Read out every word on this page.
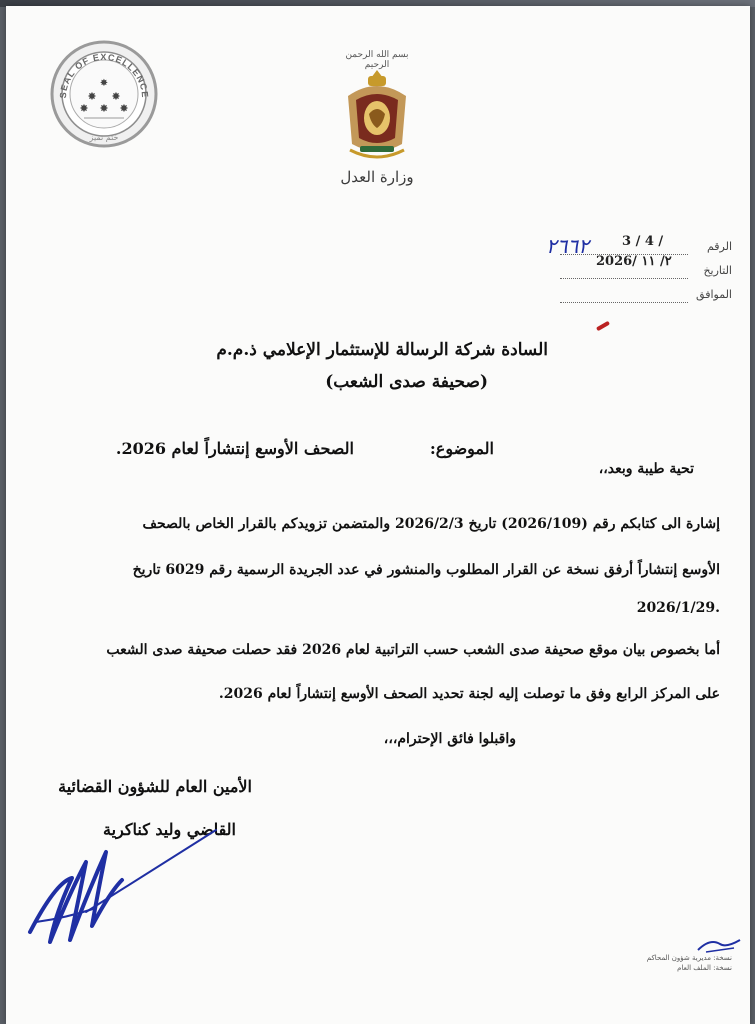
SEAL OF EXCELLENCE
✸
✸ ✸
✸ ✸ ✸
ختم تميز
بسم الله الرحمن الرحيم
وزارة العدل
الرقم
3 / 4 /
التاريخ
2026/ ٢/ ١١
الموافق
٢٦٦٢
السادة شركة الرسالة للإستثمار الإعلامي ذ.م.م
(صحيفة صدى الشعب)
الموضوع:
الصحف الأوسع إنتشاراً لعام 2026.
تحية طيبة وبعد،،
إشارة الى كتابكم رقم (2026/109) تاريخ 2026/2/3 والمتضمن تزويدكم بالقرار الخاص بالصحف
الأوسع إنتشاراً أرفق نسخة عن القرار المطلوب والمنشور في عدد الجريدة الرسمية رقم 6029 تاريخ
2026/1/29.
أما بخصوص بيان موقع صحيفة صدى الشعب حسب التراتبية لعام 2026 فقد حصلت صحيفة صدى الشعب
على المركز الرابع وفق ما توصلت إليه لجنة تحديد الصحف الأوسع إنتشاراً لعام 2026.
واقبلوا فائق الإحترام،،،
الأمين العام للشؤون القضائية
القاضي وليد كناكرية
نسخة: مديرية شؤون المحاكم
نسخة: الملف العام
